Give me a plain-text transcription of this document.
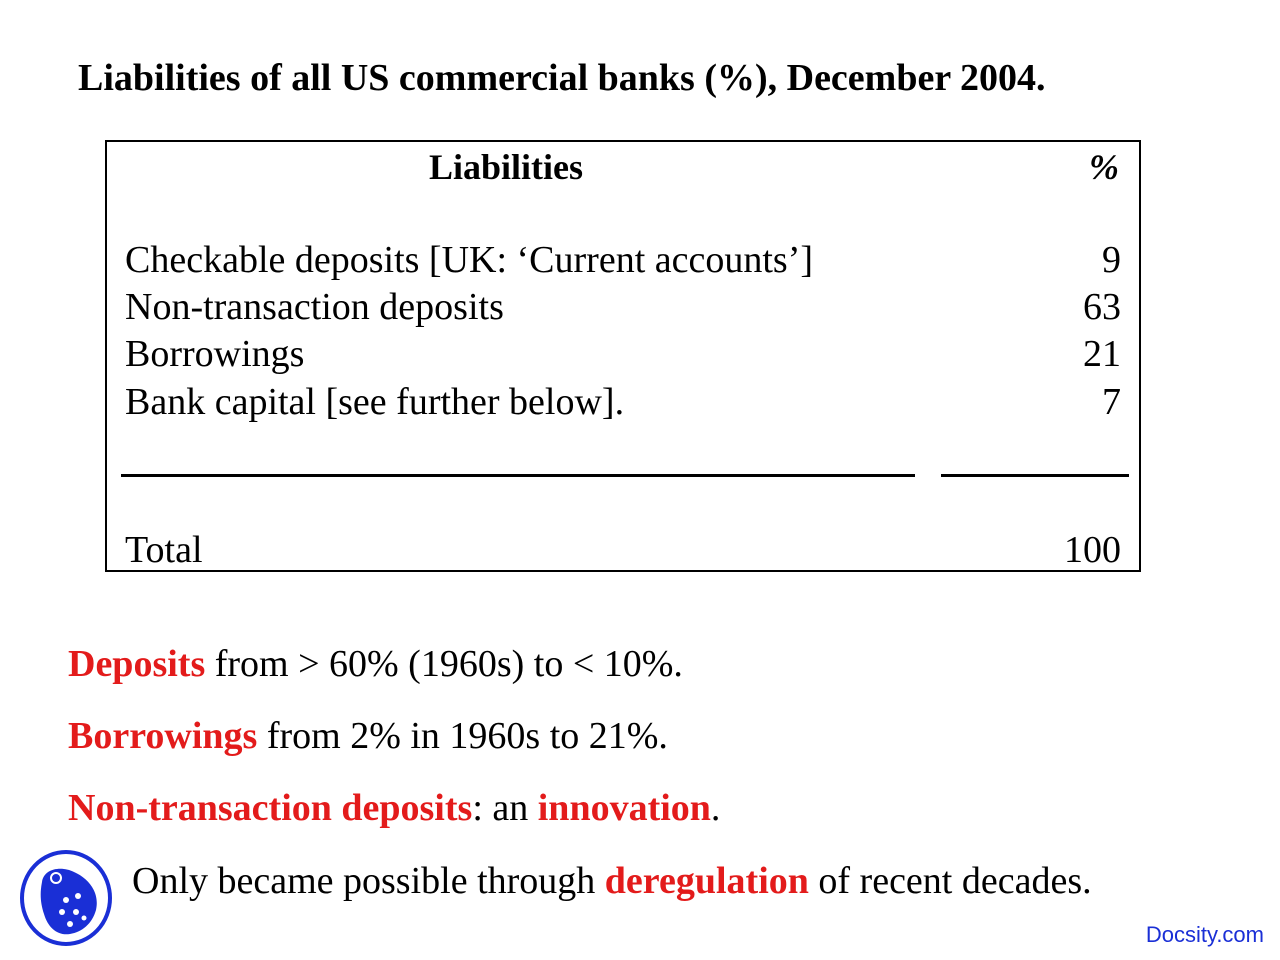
Liabilities of all US commercial banks (%), December 2004.
Liabilities	%
Checkable deposits [UK: ‘Current accounts’]	9
Non-transaction deposits	63
Borrowings	21
Bank capital [see further below].	7
Total	100
Deposits from > 60% (1960s) to < 10%.
Borrowings from 2% in 1960s to 21%.
Non-transaction deposits: an innovation.
Only became possible through deregulation of recent decades.
Docsity.com
